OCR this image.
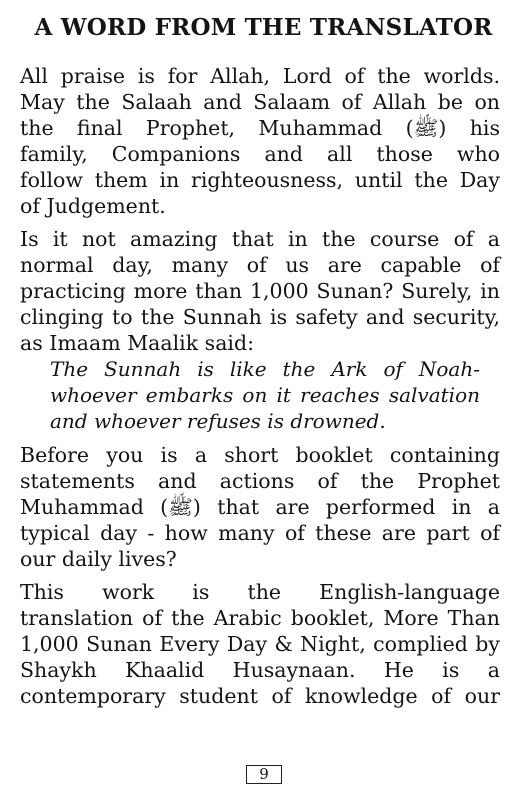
A WORD FROM THE TRANSLATOR
All praise is for Allah, Lord of the worlds.
May the Salaah and Salaam of Allah be on
the final Prophet, Muhammad (ﷺ) his
family, Companions and all those who
follow them in righteousness, until the Day
of Judgement.
Is it not amazing that in the course of a
normal day, many of us are capable of
practicing more than 1,000 Sunan? Surely, in
clinging to the Sunnah is safety and security,
as Imaam Maalik said:
The Sunnah is like the Ark of Noah-
whoever embarks on it reaches salvation
and whoever refuses is drowned.
Before you is a short booklet containing
statements and actions of the Prophet
Muhammad (ﷺ) that are performed in a
typical day - how many of these are part of
our daily lives?
This work is the English-language
translation of the Arabic booklet, More Than
1,000 Sunan Every Day & Night, complied by
Shaykh Khaalid Husaynaan. He is a
contemporary student of knowledge of our
9
